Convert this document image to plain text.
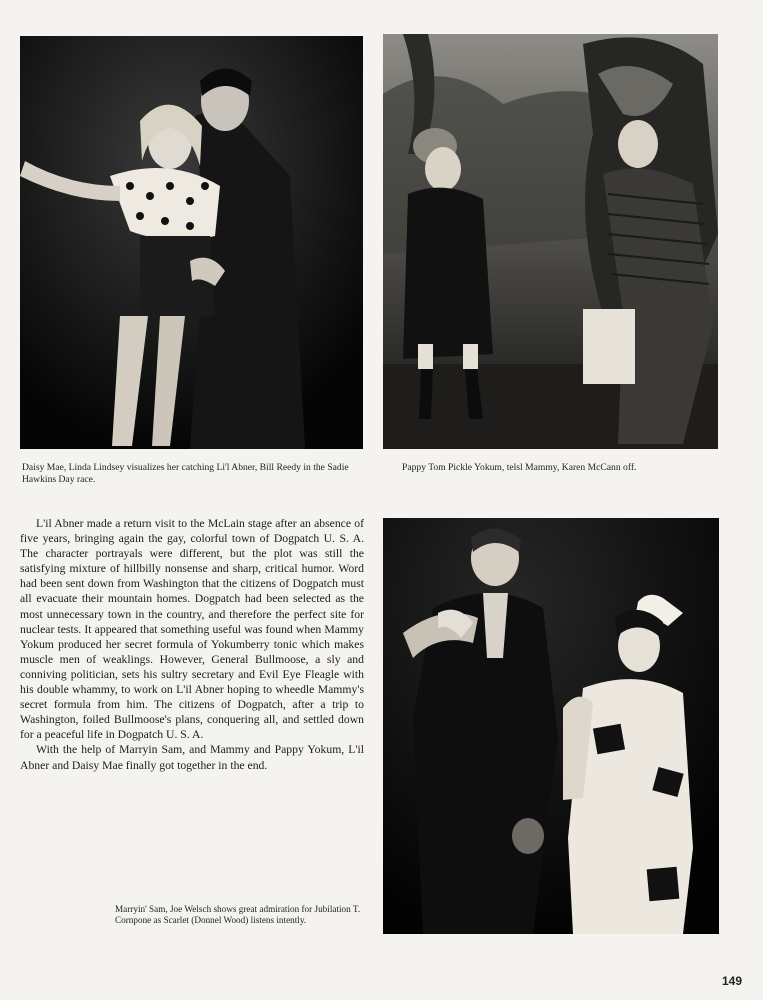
Daisy Mae, Linda Lindsey visualizes her catching Li'l Abner, Bill Reedy in the Sadie Hawkins Day race.
Pappy Tom Pickle Yokum, telsl Mammy, Karen McCann off.

L'il Abner made a return visit to the McLain stage after an absence of five years, bringing again the gay, colorful town of Dogpatch U. S. A. The character portrayals were different, but the plot was still the satisfying mixture of hillbilly nonsense and sharp, critical humor. Word had been sent down from Washington that the citizens of Dogpatch must all evacuate their mountain homes. Dogpatch had been selected as the most unnecessary town in the country, and therefore the perfect site for nuclear tests. It appeared that something useful was found when Mammy Yokum produced her secret formula of Yokumberry tonic which makes muscle men of weaklings. However, General Bullmoose, a sly and conniving politician, sets his sultry secretary and Evil Eye Fleagle with his double whammy, to work on L'il Abner hoping to wheedle Mammy's secret formula from him. The citizens of Dogpatch, after a trip to Washington, foiled Bullmoose's plans, conquering all, and settled down for a peaceful life in Dogpatch U. S. A.

With the help of Marryin Sam, and Mammy and Pappy Yokum, L'il Abner and Daisy Mae finally got together in the end.

Marryin' Sam, Joe Welsch shows great admiration for Jubilation T. Cornpone as Scarlet (Donnel Wood) listens intently.
149
